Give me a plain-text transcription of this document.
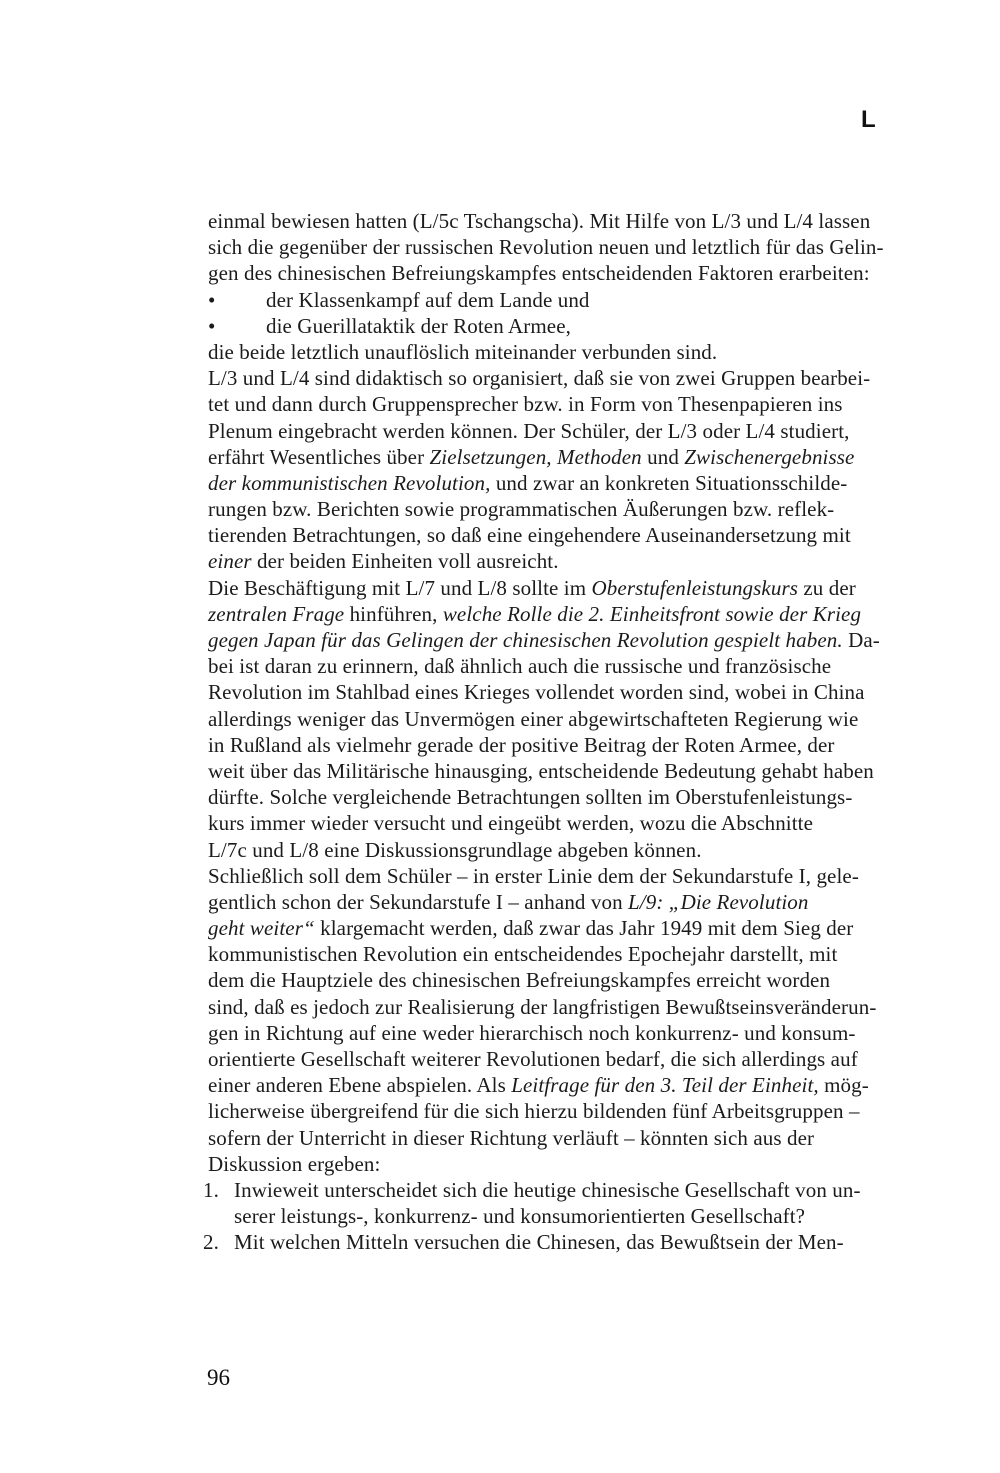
L
einmal bewiesen hatten (L/5c Tschangscha). Mit Hilfe von L/3 und L/4 lassen
sich die gegenüber der russischen Revolution neuen und letztlich für das Gelin-
gen des chinesischen Befreiungskampfes entscheidenden Faktoren erarbeiten:
• der Klassenkampf auf dem Lande und
• die Guerillataktik der Roten Armee,
die beide letztlich unauflöslich miteinander verbunden sind.
L/3 und L/4 sind didaktisch so organisiert, daß sie von zwei Gruppen bearbei-
tet und dann durch Gruppensprecher bzw. in Form von Thesenpapieren ins
Plenum eingebracht werden können. Der Schüler, der L/3 oder L/4 studiert,
erfährt Wesentliches über Zielsetzungen, Methoden und Zwischenergebnisse
der kommunistischen Revolution, und zwar an konkreten Situationsschilde-
rungen bzw. Berichten sowie programmatischen Äußerungen bzw. reflek-
tierenden Betrachtungen, so daß eine eingehendere Auseinandersetzung mit
einer der beiden Einheiten voll ausreicht.
Die Beschäftigung mit L/7 und L/8 sollte im Oberstufenleistungskurs zu der
zentralen Frage hinführen, welche Rolle die 2. Einheitsfront sowie der Krieg
gegen Japan für das Gelingen der chinesischen Revolution gespielt haben. Da-
bei ist daran zu erinnern, daß ähnlich auch die russische und französische
Revolution im Stahlbad eines Krieges vollendet worden sind, wobei in China
allerdings weniger das Unvermögen einer abgewirtschafteten Regierung wie
in Rußland als vielmehr gerade der positive Beitrag der Roten Armee, der
weit über das Militärische hinausging, entscheidende Bedeutung gehabt haben
dürfte. Solche vergleichende Betrachtungen sollten im Oberstufenleistungs-
kurs immer wieder versucht und eingeübt werden, wozu die Abschnitte
L/7c und L/8 eine Diskussionsgrundlage abgeben können.
Schließlich soll dem Schüler – in erster Linie dem der Sekundarstufe I, gele-
gentlich schon der Sekundarstufe I – anhand von L/9: „Die Revolution
geht weiter“ klargemacht werden, daß zwar das Jahr 1949 mit dem Sieg der
kommunistischen Revolution ein entscheidendes Epochejahr darstellt, mit
dem die Hauptziele des chinesischen Befreiungskampfes erreicht worden
sind, daß es jedoch zur Realisierung der langfristigen Bewußtseinsveränderun-
gen in Richtung auf eine weder hierarchisch noch konkurrenz- und konsum-
orientierte Gesellschaft weiterer Revolutionen bedarf, die sich allerdings auf
einer anderen Ebene abspielen. Als Leitfrage für den 3. Teil der Einheit, mög-
licherweise übergreifend für die sich hierzu bildenden fünf Arbeitsgruppen –
sofern der Unterricht in dieser Richtung verläuft – könnten sich aus der
Diskussion ergeben:
1. Inwieweit unterscheidet sich die heutige chinesische Gesellschaft von un-
serer leistungs-, konkurrenz- und konsumorientierten Gesellschaft?
2. Mit welchen Mitteln versuchen die Chinesen, das Bewußtsein der Men-
96
